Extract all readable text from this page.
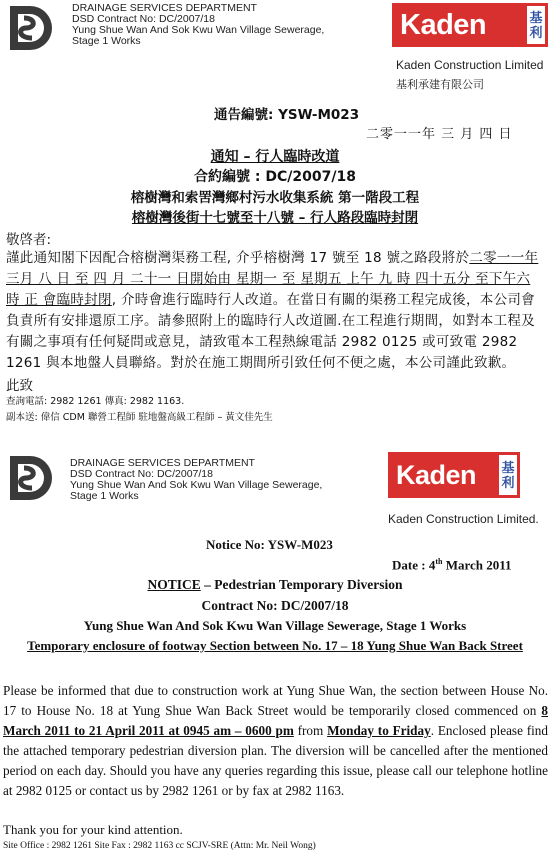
DRAINAGE SERVICES DEPARTMENT
DSD Contract No: DC/2007/18
Yung Shue Wan And Sok Kwu Wan Village Sewerage,
Stage 1 Works
Kaden	基
利
Kaden Construction Limited
基利承建有限公司
通告編號: YSW-M023
二零一一年 三 月 四 日
通知 – 行人臨時改道
合約編號 : DC/2007/18
榕樹灣和索罟灣鄉村污水收集系統 第一階段工程
榕樹灣後街十七號至十八號 – 行人路段臨時封閉
敬啓者:
謹此通知閣下因配合榕樹灣渠務工程, 介乎榕樹灣 17 號至 18 號之路段將於二零一一年 三月 八 日 至 四 月 二十一 日開始由 星期一 至 星期五 上午 九 時 四十五分 至下午六 時 正 會臨時封閉, 介時會進行臨時行人改道。在當日有關的渠務工程完成後，本公司會負責所有安排還原工序。請參照附上的臨時行人改道圖.在工程進行期間，如對本工程及有關之事項有任何疑問或意見，請致電本工程熱線電話 2982 0125 或可致電 2982 1261 與本地盤人員聯絡。對於在施工期間所引致任何不便之處，本公司謹此致歉。
此致
查詢電話: 2982 1261 傳真: 2982 1163.
副本送: 偉信 CDM 聯營工程師 駐地盤高級工程師 – 黃文佳先生
DRAINAGE SERVICES DEPARTMENT
DSD Contract No: DC/2007/18
Yung Shue Wan And Sok Kwu Wan Village Sewerage,
Stage 1 Works
Kaden 基
利
Kaden Construction Limited.
Notice No: YSW-M023
Date : 4th March 2011
NOTICE – Pedestrian Temporary Diversion
Contract No: DC/2007/18
Yung Shue Wan And Sok Kwu Wan Village Sewerage, Stage 1 Works
Temporary enclosure of footway Section between No. 17 – 18 Yung Shue Wan Back Street
Please be informed that due to construction work at Yung Shue Wan, the section between House No. 17 to House No. 18 at Yung Shue Wan Back Street would be temporarily closed commenced on 8 March 2011 to 21 April 2011 at 0945 am – 0600 pm from Monday to Friday. Enclosed please find the attached temporary pedestrian diversion plan. The diversion will be cancelled after the mentioned period on each day. Should you have any queries regarding this issue, please call our telephone hotline at 2982 0125 or contact us by 2982 1261 or by fax at 2982 1163.
Thank you for your kind attention.
Site Office : 2982 1261 Site Fax : 2982 1163 cc SCJV-SRE (Attn: Mr. Neil Wong)
